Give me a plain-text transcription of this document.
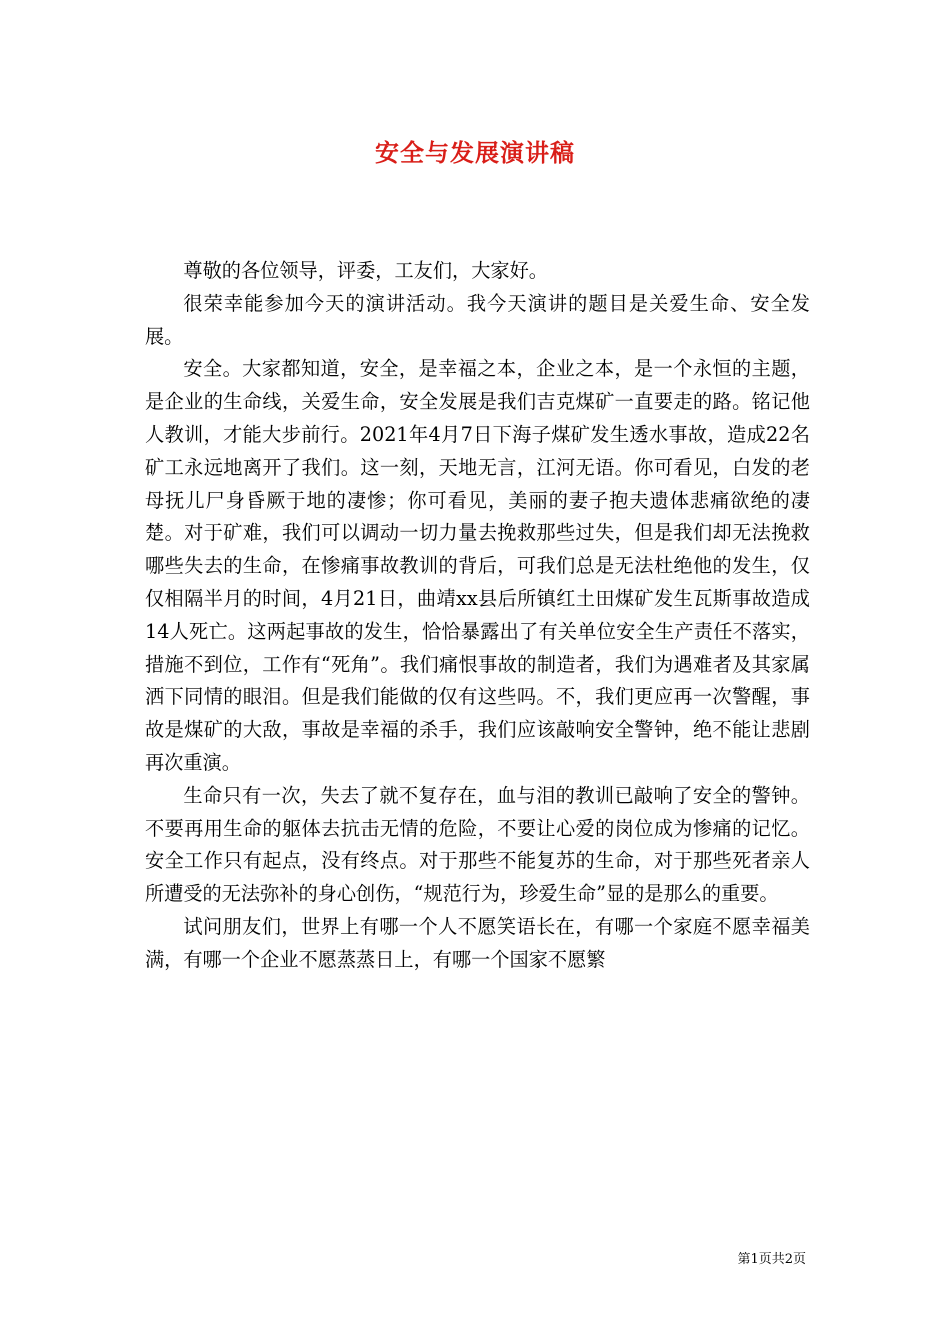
安全与发展演讲稿

尊敬的各位领导，评委，工友们，大家好。

很荣幸能参加今天的演讲活动。我今天演讲的题目是关爱生命、安全发展。

安全。大家都知道，安全，是幸福之本，企业之本，是一个永恒的主题，是企业的生命线，关爱生命，安全发展是我们吉克煤矿一直要走的路。铭记他人教训，才能大步前行。2021年4月7日下海子煤矿发生透水事故，造成22名矿工永远地离开了我们。这一刻，天地无言，江河无语。你可看见，白发的老母抚儿尸身昏厥于地的凄惨；你可看见，美丽的妻子抱夫遗体悲痛欲绝的凄楚。对于矿难，我们可以调动一切力量去挽救那些过失，但是我们却无法挽救哪些失去的生命，在惨痛事故教训的背后，可我们总是无法杜绝他的发生，仅仅相隔半月的时间，4月21日，曲靖xx县后所镇红土田煤矿发生瓦斯事故造成14人死亡。这两起事故的发生，恰恰暴露出了有关单位安全生产责任不落实，措施不到位，工作有“死角”。我们痛恨事故的制造者，我们为遇难者及其家属洒下同情的眼泪。但是我们能做的仅有这些吗。不，我们更应再一次警醒，事故是煤矿的大敌，事故是幸福的杀手，我们应该敲响安全警钟，绝不能让悲剧再次重演。

生命只有一次，失去了就不复存在，血与泪的教训已敲响了安全的警钟。不要再用生命的躯体去抗击无情的危险，不要让心爱的岗位成为惨痛的记忆。安全工作只有起点，没有终点。对于那些不能复苏的生命，对于那些死者亲人所遭受的无法弥补的身心创伤，“规范行为，珍爱生命”显的是那么的重要。

试问朋友们，世界上有哪一个人不愿笑语长在，有哪一个家庭不愿幸福美满，有哪一个企业不愿蒸蒸日上，有哪一个国家不愿繁

第1页共2页
